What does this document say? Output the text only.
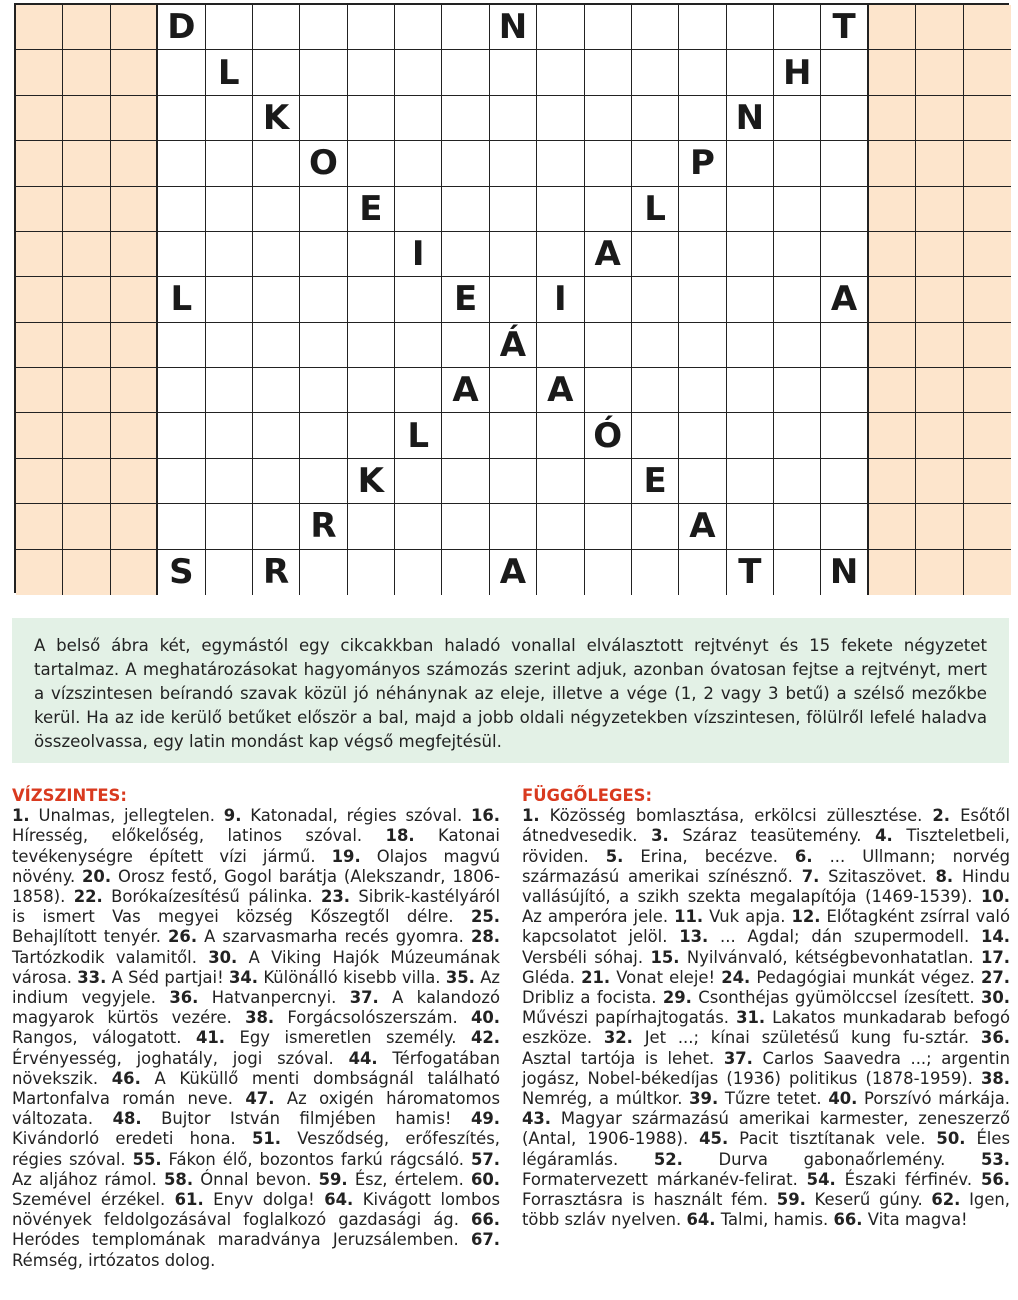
D	N	T
L	H
K	N
O	P
E	L
I	A
L	E	I	A
Á
A	A
L	Ó
K	E
R	A
S	R	A	T	N
A belső ábra két, egymástól egy cikcakkban haladó vonallal elválasztott rejtvényt és 15 fekete négyzetet tartalmaz. A meghatározásokat hagyományos számozás szerint adjuk, azonban óvatosan fejtse a rejtvényt, mert a vízszintesen beírandó szavak közül jó néhánynak az eleje, illetve a vége (1, 2 vagy 3 betű) a szélső mezőkbe kerül. Ha az ide kerülő betűket először a bal, majd a jobb oldali négyzetekben vízszintesen, fölülről lefelé haladva összeolvassa, egy latin mondást kap végső megfejtésül.
VÍZSZINTES:
1. Unalmas, jellegtelen. 9. Katonadal, régies szóval. 16. Híresség, előkelőség, latinos szóval. 18. Katonai tevékenységre épített vízi jármű. 19. Olajos magvú növény. 20. Orosz festő, Gogol barátja (Alekszandr, 1806-1858). 22. Borókaízesítésű pálinka. 23. Sibrik-kastélyáról is ismert Vas megyei község Kőszegtől délre. 25. Behajlított tenyér. 26. A szarvasmarha recés gyomra. 28. Tartózkodik valamitől. 30. A Viking Hajók Múzeumának városa. 33. A Séd partjai! 34. Különálló kisebb villa. 35. Az indium vegyjele. 36. Hatvanpercnyi. 37. A kalandozó magyarok kürtös vezére. 38. Forgácsolószerszám. 40. Rangos, válogatott. 41. Egy ismeretlen személy. 42. Érvényesség, joghatály, jogi szóval. 44. Térfogatában növekszik. 46. A Küküllő menti dombságnál található Martonfalva román neve. 47. Az oxigén háromatomos változata. 48. Bujtor István filmjében hamis! 49. Kivándorló eredeti hona. 51. Vesződség, erőfeszítés, régies szóval. 55. Fákon élő, bozontos farkú rágcsáló. 57. Az aljához rámol. 58. Ónnal bevon. 59. Ész, értelem. 60. Szemével érzékel. 61. Enyv dolga! 64. Kivágott lombos növények feldolgozásával foglalkozó gazdasági ág. 66. Heródes templomának maradványa Jeruzsálemben. 67. Rémség, irtózatos dolog.
FÜGGŐLEGES:
1. Közösség bomlasztása, erkölcsi züllesztése. 2. Esőtől átnedvesedik. 3. Száraz teasütemény. 4. Tiszteletbeli, röviden. 5. Erina, becézve. 6. ... Ullmann; norvég származású amerikai színésznő. 7. Szitaszövet. 8. Hindu vallásújító, a szikh szekta megalapítója (1469-1539). 10. Az amperóra jele. 11. Vuk apja. 12. Előtagként zsírral való kapcsolatot jelöl. 13. ... Agdal; dán szupermodell. 14. Versbéli sóhaj. 15. Nyilvánvaló, kétségbevonhatatlan. 17. Gléda. 21. Vonat eleje! 24. Pedagógiai munkát végez. 27. Dribliz a focista. 29. Csonthéjas gyümölccsel ízesített. 30. Művészi papírhajtogatás. 31. Lakatos munkadarab befogó eszköze. 32. Jet ...; kínai születésű kung fu-sztár. 36. Asztal tartója is lehet. 37. Carlos Saavedra ...; argentin jogász, Nobel-békedíjas (1936) politikus (1878-1959). 38. Nemrég, a múltkor. 39. Tűzre tetet. 40. Porszívó márkája. 43. Magyar származású amerikai karmester, zeneszerző (Antal, 1906-1988). 45. Pacit tisztítanak vele. 50. Éles légáramlás. 52. Durva gabonaőrlemény. 53. Formatervezett márkanév-felirat. 54. Északi férfinév. 56. Forrasztásra is használt fém. 59. Keserű gúny. 62. Igen, több szláv nyelven. 64. Talmi, hamis. 66. Vita magva!
